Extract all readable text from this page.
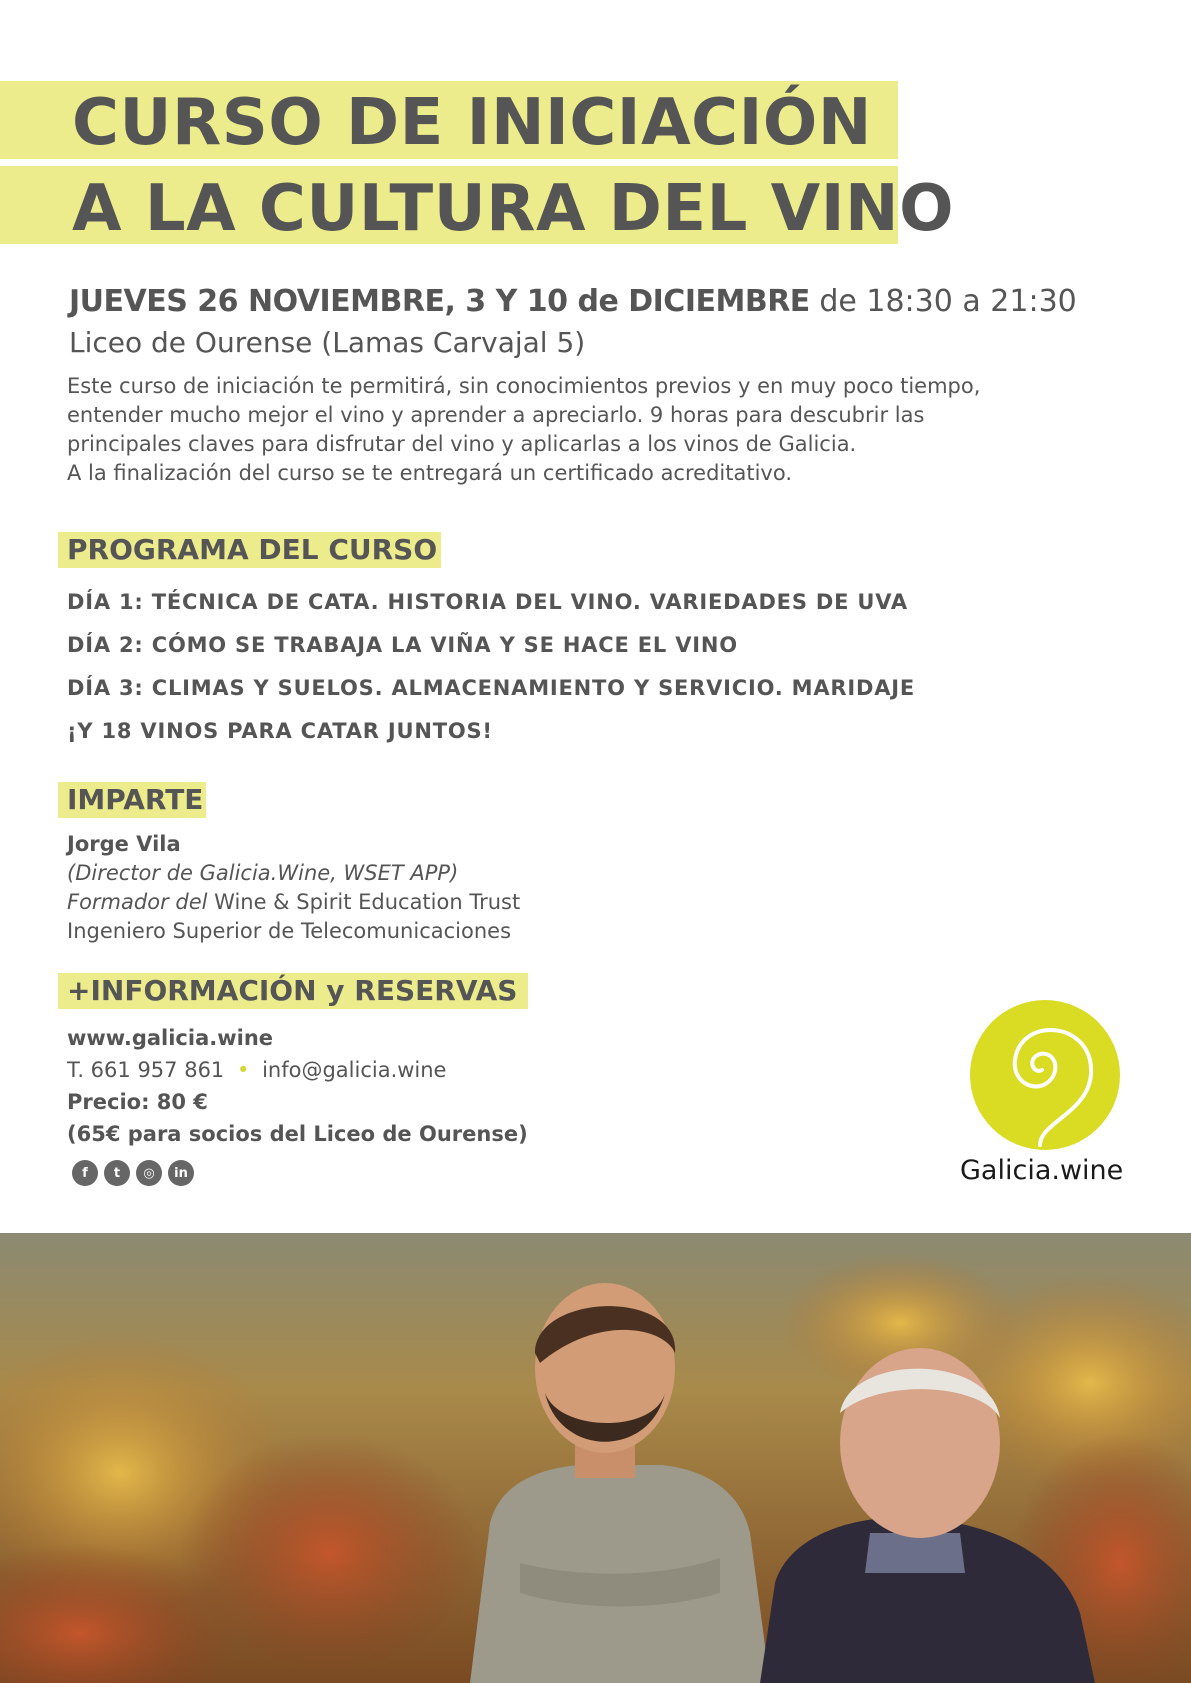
CURSO DE INICIACIÓN
A LA CULTURA DEL VINO
JUEVES 26 NOVIEMBRE, 3 Y 10 de DICIEMBRE de 18:30 a 21:30
Liceo de Ourense (Lamas Carvajal 5)

Este curso de iniciación te permitirá, sin conocimientos previos y en muy poco tiempo,

entender mucho mejor el vino y aprender a apreciarlo. 9 horas para descubrir las

principales claves para disfrutar del vino y aplicarlas a los vinos de Galicia.

A la finalización del curso se te entregará un certificado acreditativo.

PROGRAMA DEL CURSO
DÍA 1: TÉCNICA DE CATA. HISTORIA DEL VINO. VARIEDADES DE UVA
DÍA 2: CÓMO SE TRABAJA LA VIÑA Y SE HACE EL VINO
DÍA 3: CLIMAS Y SUELOS. ALMACENAMIENTO Y SERVICIO. MARIDAJE
¡Y 18 VINOS PARA CATAR JUNTOS!
IMPARTE
Jorge Vila
(Director de Galicia.Wine, WSET APP)
Formador del Wine & Spirit Education Trust
Ingeniero Superior de Telecomunicaciones
+INFORMACIÓN y RESERVAS
www.galicia.wine
T. 661 957 861 • info@galicia.wine
Precio: 80 €
(65€ para socios del Liceo de Ourense)
f	t	◎	in	Galicia.wine
